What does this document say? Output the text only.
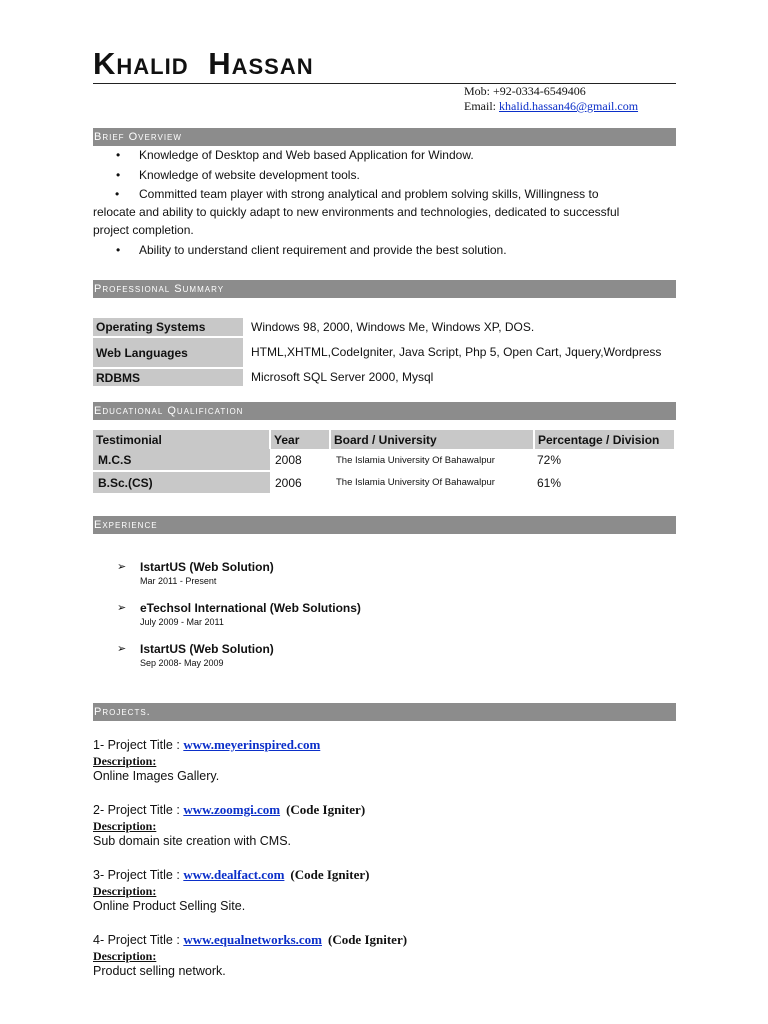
Khalid Hassan
Mob: +92-0334-6549406
Email: khalid.hassan46@gmail.com
Brief Overview
• Knowledge of Desktop and Web based Application for Window.
• Knowledge of website development tools.
• Committed team player with strong analytical and problem solving skills, Willingness to relocate and ability to quickly adapt to new environments and technologies, dedicated to successful project completion.
• Ability to understand client requirement and provide the best solution.
Professional Summary
Operating Systems	Windows 98, 2000, Windows Me, Windows XP, DOS.
Web Languages	HTML,XHTML,CodeIgniter, Java Script, Php 5, Open Cart, Jquery,Wordpress
RDBMS	Microsoft SQL Server 2000, Mysql
Educational Qualification
Testimonial	Year	Board / University	Percentage / Division
M.C.S	2008	The Islamia University Of Bahawalpur	72%
B.Sc.(CS)	2006	The Islamia University Of Bahawalpur	61%
Experience
➢ IstartUS (Web Solution)
Mar 2011 - Present
➢ eTechsol International (Web Solutions)
July 2009 - Mar 2011
➢ IstartUS (Web Solution)
Sep 2008- May 2009
Projects.
1- Project Title : www.meyerinspired.com
Description:
Online Images Gallery.
2- Project Title : www.zoomgi.com (Code Igniter)
Description:
Sub domain site creation with CMS.
3- Project Title : www.dealfact.com (Code Igniter)
Description:
Online Product Selling Site.
4- Project Title : www.equalnetworks.com (Code Igniter)
Description:
Product selling network.
